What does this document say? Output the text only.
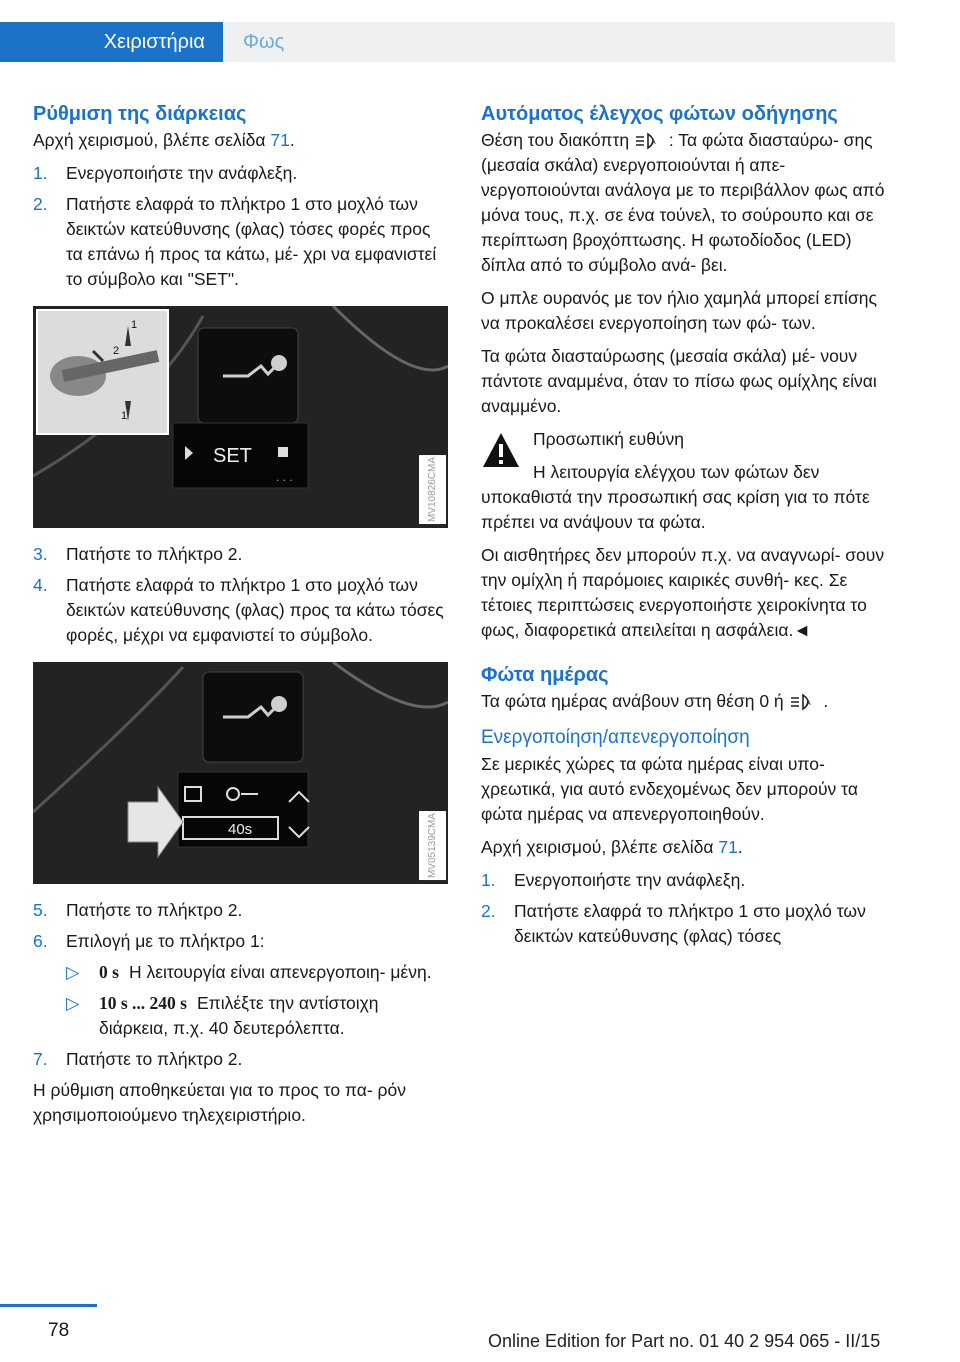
Χειριστήρια	Φως
Ρύθμιση της διάρκειας

Αρχή χειρισμού, βλέπε σελίδα 71.

1. Ενεργοποιήστε την ανάφλεξη.
2. Πατήστε ελαφρά το πλήκτρο 1 στο μοχλό των δεικτών κατεύθυνσης (φλας) τόσες φορές προς τα επάνω ή προς τα κάτω, μέ‐ χρι να εμφανιστεί το σύμβολο και "SET".
SET
. . .
1
2
1
MV10826CMA
3. Πατήστε το πλήκτρο 2.
4. Πατήστε ελαφρά το πλήκτρο 1 στο μοχλό των δεικτών κατεύθυνσης (φλας) προς τα κάτω τόσες φορές, μέχρι να εμφανιστεί το σύμβολο.
40s	MV05139CMA
5. Πατήστε το πλήκτρο 2.
6. Επιλογή με το πλήκτρο 1:
▷ 0 s Η λειτουργία είναι απενεργοποιη‐ μένη.
▷ 10 s ... 240 s Επιλέξτε την αντίστοιχη διάρκεια, π.χ. 40 δευτερόλεπτα.
7. Πατήστε το πλήκτρο 2.

Η ρύθμιση αποθηκεύεται για το προς το πα‐ ρόν χρησιμοποιούμενο τηλεχειριστήριο.

Αυτόματος έλεγχος φώτων οδήγησης

Θέση του διακόπτη A : Τα φώτα διασταύρω‐ σης (μεσαία σκάλα) ενεργοποιούνται ή απε‐ νεργοποιούνται ανάλογα με το περιβάλλον φως από μόνα τους, π.χ. σε ένα τούνελ, το σούρουπο και σε περίπτωση βροχόπτωσης. Η φωτοδίοδος (LED) δίπλα από το σύμβολο ανά‐ βει.

Ο μπλε ουρανός με τον ήλιο χαμηλά μπορεί επίσης να προκαλέσει ενεργοποίηση των φώ‐ των.

Τα φώτα διασταύρωσης (μεσαία σκάλα) μέ‐ νουν πάντοτε αναμμένα, όταν το πίσω φως ομίχλης είναι αναμμένο.

Προσωπική ευθύνη

Η λειτουργία ελέγχου των φώτων δεν υποκαθιστά την προσωπική σας κρίση για το πότε πρέπει να ανάψουν τα φώτα.

Οι αισθητήρες δεν μπορούν π.χ. να αναγνωρί‐ σουν την ομίχλη ή παρόμοιες καιρικές συνθή‐ κες. Σε τέτοιες περιπτώσεις ενεργοποιήστε χειροκίνητα το φως, διαφορετικά απειλείται η ασφάλεια.◄

Φώτα ημέρας

Τα φώτα ημέρας ανάβουν στη θέση 0 ή A .

Ενεργοποίηση/απενεργοποίηση

Σε μερικές χώρες τα φώτα ημέρας είναι υπο‐ χρεωτικά, για αυτό ενδεχομένως δεν μπορούν τα φώτα ημέρας να απενεργοποιηθούν.

Αρχή χειρισμού, βλέπε σελίδα 71.

1. Ενεργοποιήστε την ανάφλεξη.
2. Πατήστε ελαφρά το πλήκτρο 1 στο μοχλό των δεικτών κατεύθυνσης (φλας) τόσες
78	Online Edition for Part no. 01 40 2 954 065 - II/15
